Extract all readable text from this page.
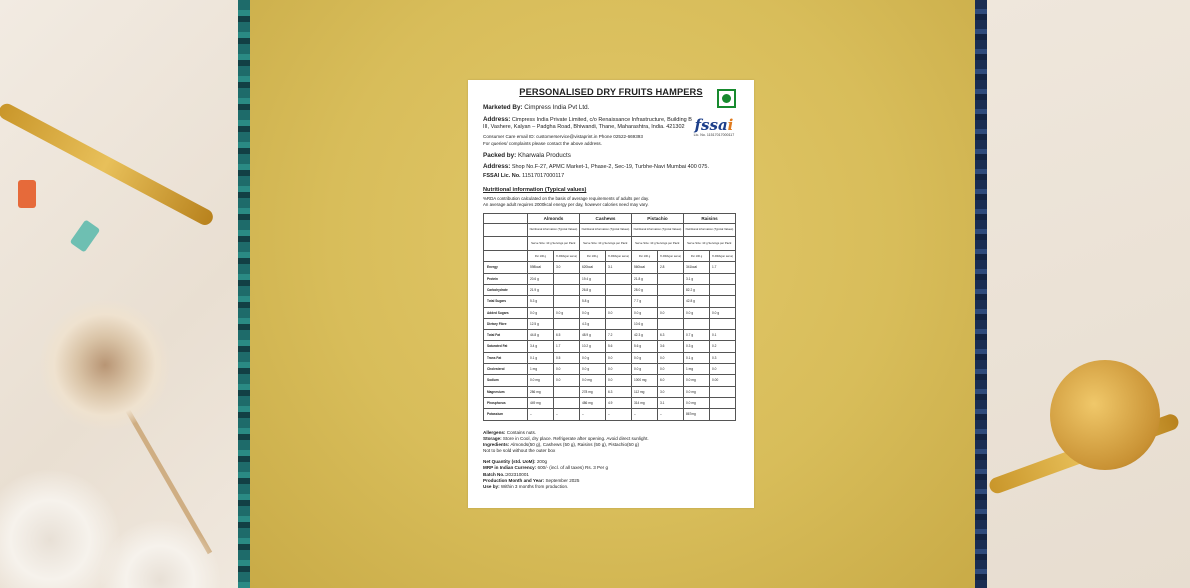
PERSONALISED DRY FRUITS HAMPERS
fssai
Lic. No. 11517017000117
Marketed By: Cimpress India Pvt Ltd.
Address: Cimpress India Private Limited, c/o Renaissance Infrastructure, Building B III, Vashere, Kalyan – Padgha Road, Bhiwandi, Thane, Maharashtra, India. 421302
Consumer Care email ID: customerservice@vistaprint.in Phone 02522-669393
For queries/ complaints please contact the above address.
Packed by: Kharwala Products
Address: Shop No.F-27, APMC Market-1, Phase-2, Sec-19, Turbhe-Navi Mumbai 400 075.
FSSAI Lic. No. 11517017000117
Nutritional information (Typical values)
%RDA contribution calculated on the basis of average requirements of adults per day.
An average adult requires 2000kcal energy per day, however calories need may vary.
	Almonds		Cashews		Pistachio		Raisins	
	Nutritional information (Typical Values)		Nutritional information (Typical Values)		Nutritional information (Typical Values)		Nutritional information (Typical Values)	
	Serve Size: 10 g Servings per Pack:		Serve Size: 10 g Servings per Pack:		Serve Size: 10 g Servings per Pack:		Serve Size: 10 g Servings per Pack:	
	Per 100 g	% RDA(per serve)	Per 100 g	% RDA(per serve)	Per 100 g	% RDA(per serve)	Per 100 g	% RDA(per serve)
Energy	598kcal	3.0	620kcal	3.1	560kcal	2.8	341kcal	1.7
Protein	20.6 g		19.4 g		21.8 g		3.1 g	
Carbohydrate	21.9 g		26.8 g		28.0 g		82.2 g	
Total Sugars	5.3 g		5.8 g		7.7 g		42.8 g	
Added Sugars	0.0 g	0.0 g	0.0 g	0.0	0.0 g	0.0	0.0 g	0.0 g
Dietary Fibre	12.5 g		4.3 g		10.6 g			
Total Fat	44.8 g	6.5	48.9 g	7.2	42.3 g	6.3	0.7 g	0.1
Saturated Fat	3.4 g	1.7	10.2 g	5.6	5.6 g	3.6	0.3 g	0.2
Trans Fat	0.1 g	0.5	0.0 g	0.0	0.0 g	0.0	0.1 g	0.3
Cholesterol	1 mg	0.0	0.0 g	0.0	0.0 g	0.0	1 mg	0.0
Sodium	0.0 mg	0.0	0.0 mg	0.0	1000 mg	6.0	0.0 mg	0.00
Magnesium	286 mg		278 mg	6.3	112 mg	3.0	0.0 mg	
Phosphorus	449 mg		486 mg	4.9	314 mg	3.1	0.0 mg	
Potassium	–	–	–	–	–	–	867mg	
Allergens: Contains nuts.
Storage: Store in Cool, dry place. Refrigerate after opening. Avoid direct sunlight.
Ingredients: Almonds(50 g), Cashews (50 g), Raisins (50 g), Pistachio(50 g)
Not to be sold without the outer box
Net Quantity (std. UoM): 200g
MRP in Indian Currency: 600/- (incl. of all taxes) Rs. 3 Per g
Batch No.:202310001
Production Month and Year: September 2025
Use by: Within 3 months from production.
